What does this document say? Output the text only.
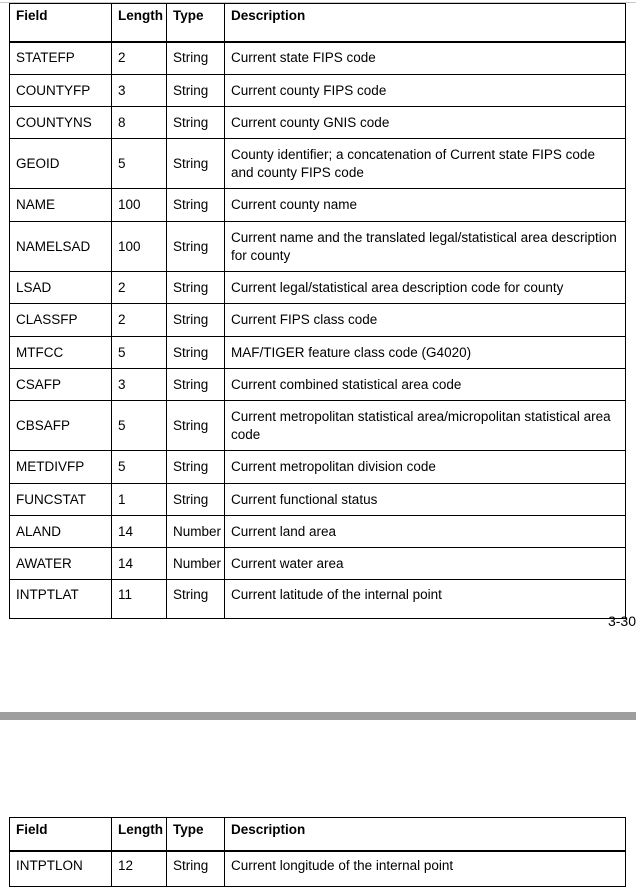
Field	Length	Type	Description
STATEFP	2	String	Current state FIPS code
COUNTYFP	3	String	Current county FIPS code
COUNTYNS	8	String	Current county GNIS code
GEOID	5	String	County identifier; a concatenation of Current state FIPS code and county FIPS code
NAME	100	String	Current county name
NAMELSAD	100	String	Current name and the translated legal/statistical area description for county
LSAD	2	String	Current legal/statistical area description code for county
CLASSFP	2	String	Current FIPS class code
MTFCC	5	String	MAF/TIGER feature class code (G4020)
CSAFP	3	String	Current combined statistical area code
CBSAFP	5	String	Current metropolitan statistical area/micropolitan statistical area code
METDIVFP	5	String	Current metropolitan division code
FUNCSTAT	1	String	Current functional status
ALAND	14	Number	Current land area
AWATER	14	Number	Current water area
INTPTLAT	11	String	Current latitude of the internal point
3-30
Field	Length	Type	Description
INTPTLON	12	String	Current longitude of the internal point
